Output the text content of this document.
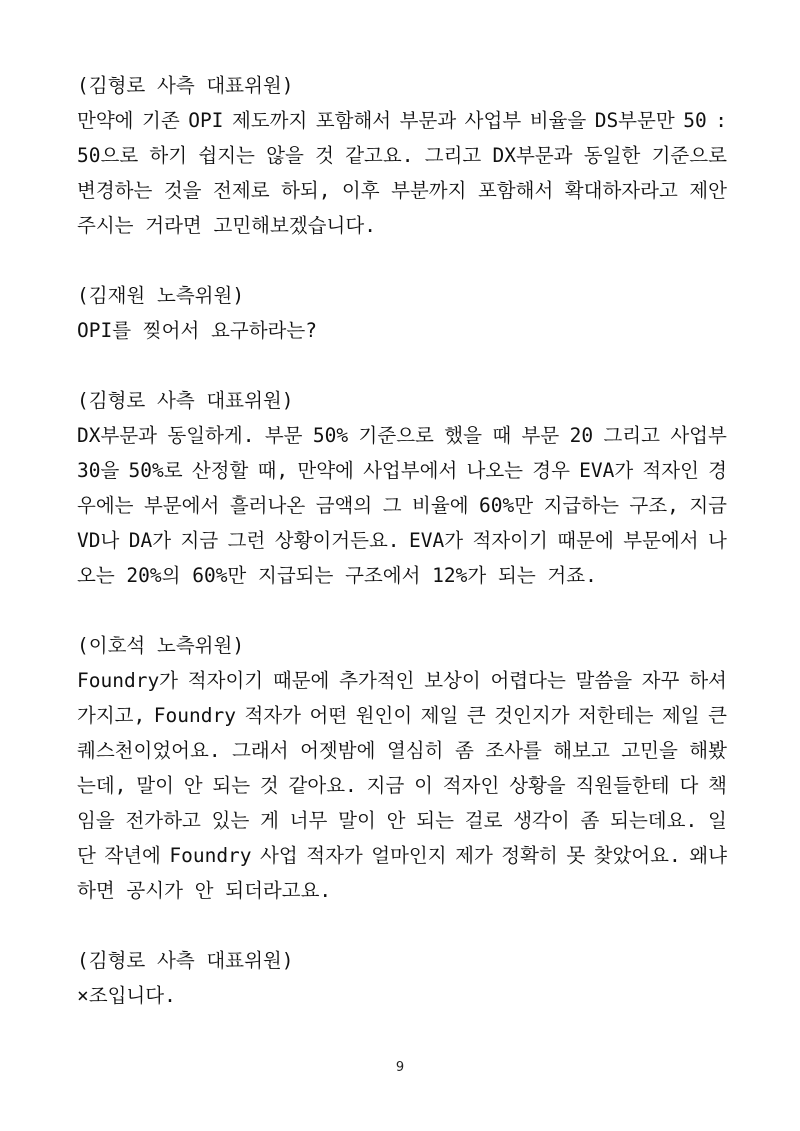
(김형로 사측 대표위원)
만약에 기존 OPI 제도까지 포함해서 부문과 사업부 비율을 DS부문만 50 :
50으로 하기 쉽지는 않을 것 같고요. 그리고 DX부문과 동일한 기준으로
변경하는 것을 전제로 하되, 이후 부분까지 포함해서 확대하자라고 제안
주시는 거라면 고민해보겠습니다.
(김재원 노측위원)
OPI를 찢어서 요구하라는?
(김형로 사측 대표위원)
DX부문과 동일하게. 부문 50% 기준으로 했을 때 부문 20 그리고 사업부
30을 50%로 산정할 때, 만약에 사업부에서 나오는 경우 EVA가 적자인 경
우에는 부문에서 흘러나온 금액의 그 비율에 60%만 지급하는 구조, 지금
VD나 DA가 지금 그런 상황이거든요. EVA가 적자이기 때문에 부문에서 나
오는 20%의 60%만 지급되는 구조에서 12%가 되는 거죠.
(이호석 노측위원)
Foundry가 적자이기 때문에 추가적인 보상이 어렵다는 말씀을 자꾸 하셔
가지고, Foundry 적자가 어떤 원인이 제일 큰 것인지가 저한테는 제일 큰
퀘스천이었어요. 그래서 어젯밤에 열심히 좀 조사를 해보고 고민을 해봤
는데, 말이 안 되는 것 같아요. 지금 이 적자인 상황을 직원들한테 다 책
임을 전가하고 있는 게 너무 말이 안 되는 걸로 생각이 좀 되는데요. 일
단 작년에 Foundry 사업 적자가 얼마인지 제가 정확히 못 찾았어요. 왜냐
하면 공시가 안 되더라고요.
(김형로 사측 대표위원)
×조입니다.
9
